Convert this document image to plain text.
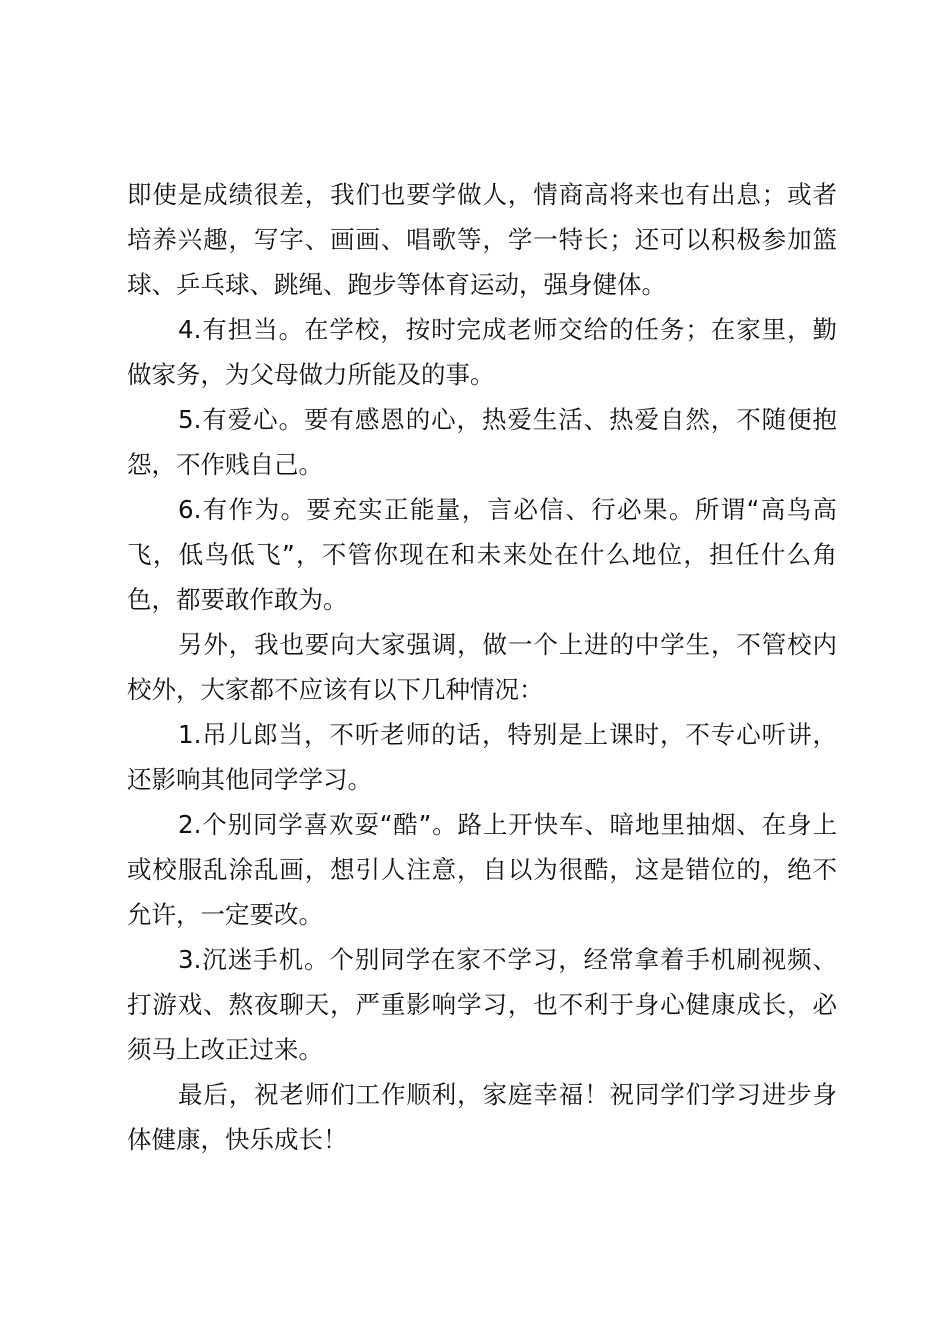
即使是成绩很差，我们也要学做人，情商高将来也有出息；或者培养兴趣，写字、画画、唱歌等，学一特长；还可以积极参加篮球、乒乓球、跳绳、跑步等体育运动，强身健体。

4.有担当。在学校，按时完成老师交给的任务；在家里，勤做家务，为父母做力所能及的事。

5.有爱心。要有感恩的心，热爱生活、热爱自然，不随便抱怨，不作贱自己。

6.有作为。要充实正能量，言必信、行必果。所谓“高鸟高飞，低鸟低飞”，不管你现在和未来处在什么地位，担任什么角色，都要敢作敢为。

另外，我也要向大家强调，做一个上进的中学生，不管校内校外，大家都不应该有以下几种情况：

1.吊儿郎当，不听老师的话，特别是上课时，不专心听讲，还影响其他同学学习。

2.个别同学喜欢耍“酷”。路上开快车、暗地里抽烟、在身上或校服乱涂乱画，想引人注意，自以为很酷，这是错位的，绝不允许，一定要改。

3.沉迷手机。个别同学在家不学习，经常拿着手机刷视频、打游戏、熬夜聊天，严重影响学习，也不利于身心健康成长，必须马上改正过来。

最后，祝老师们工作顺利，家庭幸福！祝同学们学习进步身体健康，快乐成长！
